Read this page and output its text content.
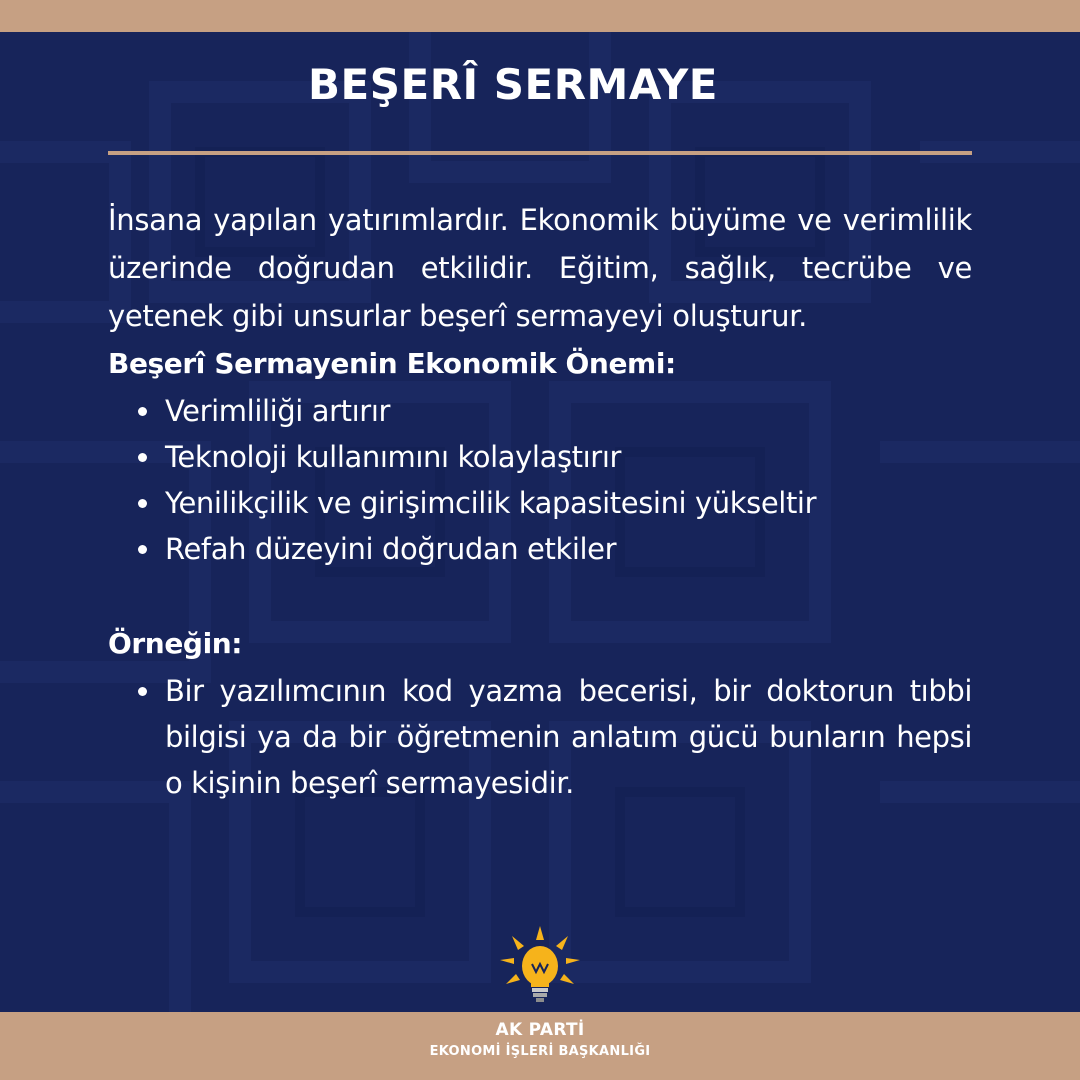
BEŞERÎ SERMAYE

İnsana yapılan yatırımlardır. Ekonomik büyüme ve verimlilik üzerinde doğrudan etkilidir. Eğitim, sağlık, tecrübe ve yetenek gibi unsurlar beşerî sermayeyi oluşturur.

Beşerî Sermayenin Ekonomik Önemi:

Verimliliği artırır
Teknoloji kullanımını kolaylaştırır
Yenilikçilik ve girişimcilik kapasitesini yükseltir
Refah düzeyini doğrudan etkiler

Örneğin:

Bir yazılımcının kod yazma becerisi, bir doktorun tıbbi bilgisi ya da bir öğretmenin anlatım gücü bunların hepsi o kişinin beşerî sermayesidir.
AK PARTİ
EKONOMİ İŞLERİ BAŞKANLIĞI
